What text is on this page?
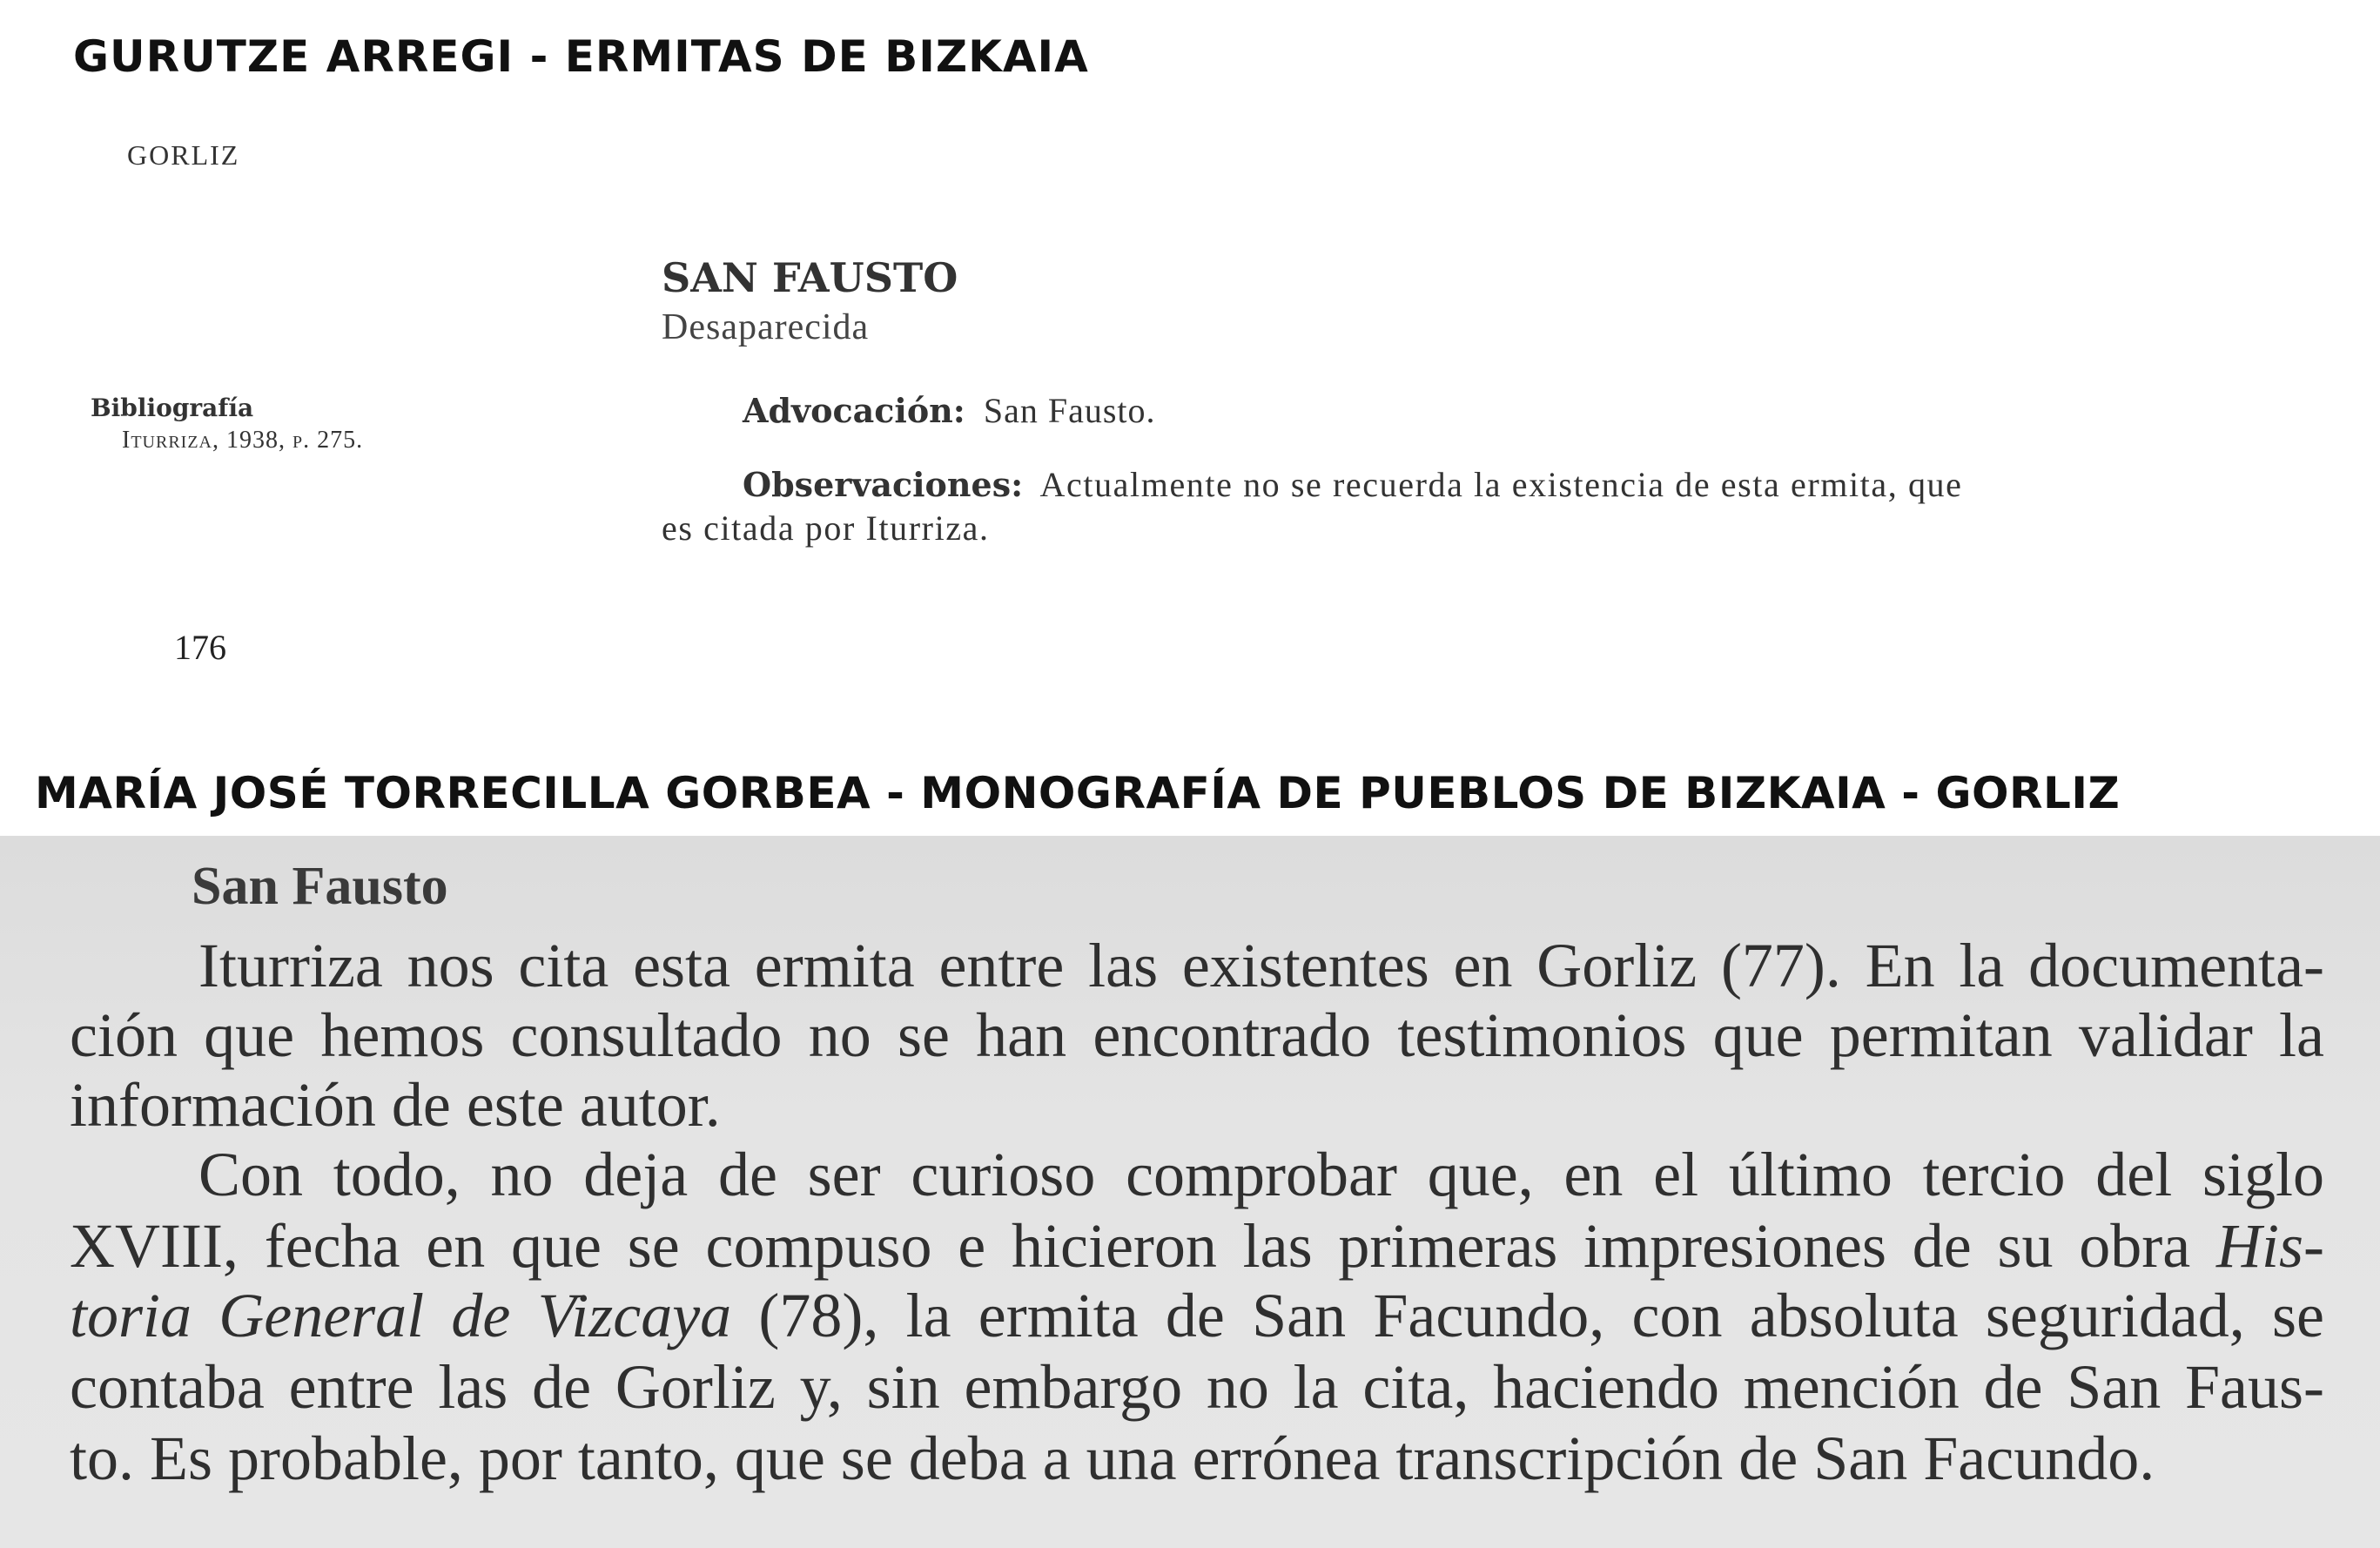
GURUTZE ARREGI - ERMITAS DE BIZKAIA
GORLIZ
SAN FAUSTO
Desaparecida
Bibliografía
Iturriza, 1938, p. 275.
Advocación: San Fausto.
Observaciones: Actualmente no se recuerda la existencia de esta ermita, que es citada por Iturriza.
176
MARÍA JOSÉ TORRECILLA GORBEA - MONOGRAFÍA DE PUEBLOS DE BIZKAIA - GORLIZ
San Fausto
Iturriza nos cita esta ermita entre las existentes en Gorliz (77). En la documenta-
ción que hemos consultado no se han encontrado testimonios que permitan validar la
información de este autor.
Con todo, no deja de ser curioso comprobar que, en el último tercio del siglo
XVIII, fecha en que se compuso e hicieron las primeras impresiones de su obra His-
toria General de Vizcaya (78), la ermita de San Facundo, con absoluta seguridad, se
contaba entre las de Gorliz y, sin embargo no la cita, haciendo mención de San Faus-
to. Es probable, por tanto, que se deba a una errónea transcripción de San Facundo.
